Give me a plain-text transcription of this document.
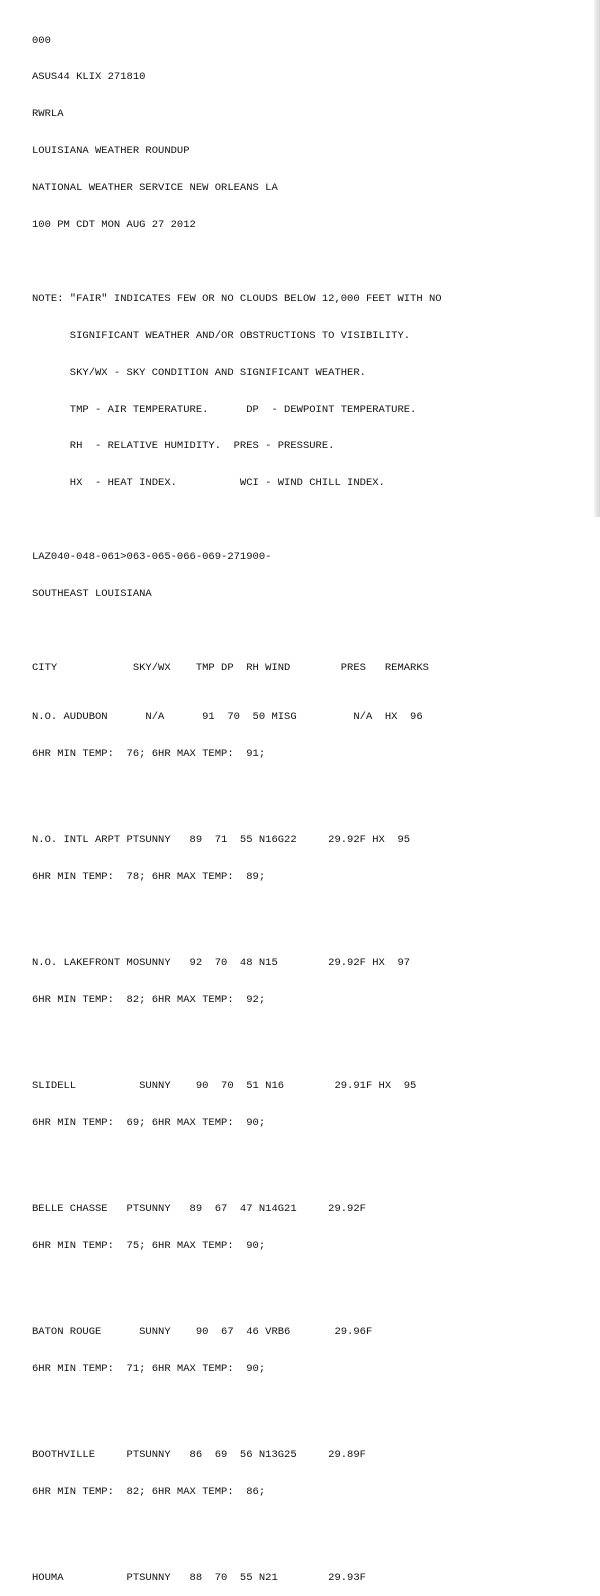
000

ASUS44 KLIX 271810

RWRLA

LOUISIANA WEATHER ROUNDUP

NATIONAL WEATHER SERVICE NEW ORLEANS LA

100 PM CDT MON AUG 27 2012

NOTE: "FAIR" INDICATES FEW OR NO CLOUDS BELOW 12,000 FEET WITH NO

SIGNIFICANT WEATHER AND/OR OBSTRUCTIONS TO VISIBILITY.

SKY/WX - SKY CONDITION AND SIGNIFICANT WEATHER.

TMP - AIR TEMPERATURE.      DP  - DEWPOINT TEMPERATURE.

RH  - RELATIVE HUMIDITY.  PRES - PRESSURE.

HX  - HEAT INDEX.          WCI - WIND CHILL INDEX.

LAZ040-048-061>063-065-066-069-271900-

SOUTHEAST LOUISIANA

CITY            SKY/WX    TMP DP  RH WIND        PRES   REMARKS

N.O. AUDUBON      N/A      91  70  50 MISG         N/A  HX  96

6HR MIN TEMP:  76; 6HR MAX TEMP:  91;

N.O. INTL ARPT PTSUNNY   89  71  55 N16G22     29.92F HX  95

6HR MIN TEMP:  78; 6HR MAX TEMP:  89;

N.O. LAKEFRONT MOSUNNY   92  70  48 N15        29.92F HX  97

6HR MIN TEMP:  82; 6HR MAX TEMP:  92;

SLIDELL          SUNNY    90  70  51 N16        29.91F HX  95

6HR MIN TEMP:  69; 6HR MAX TEMP:  90;

BELLE CHASSE   PTSUNNY   89  67  47 N14G21     29.92F

6HR MIN TEMP:  75; 6HR MAX TEMP:  90;

BATON ROUGE      SUNNY    90  67  46 VRB6       29.96F

6HR MIN TEMP:  71; 6HR MAX TEMP:  90;

BOOTHVILLE     PTSUNNY   86  69  56 N13G25     29.89F

6HR MIN TEMP:  82; 6HR MAX TEMP:  86;

HOUMA          PTSUNNY   88  70  55 N21        29.93F
